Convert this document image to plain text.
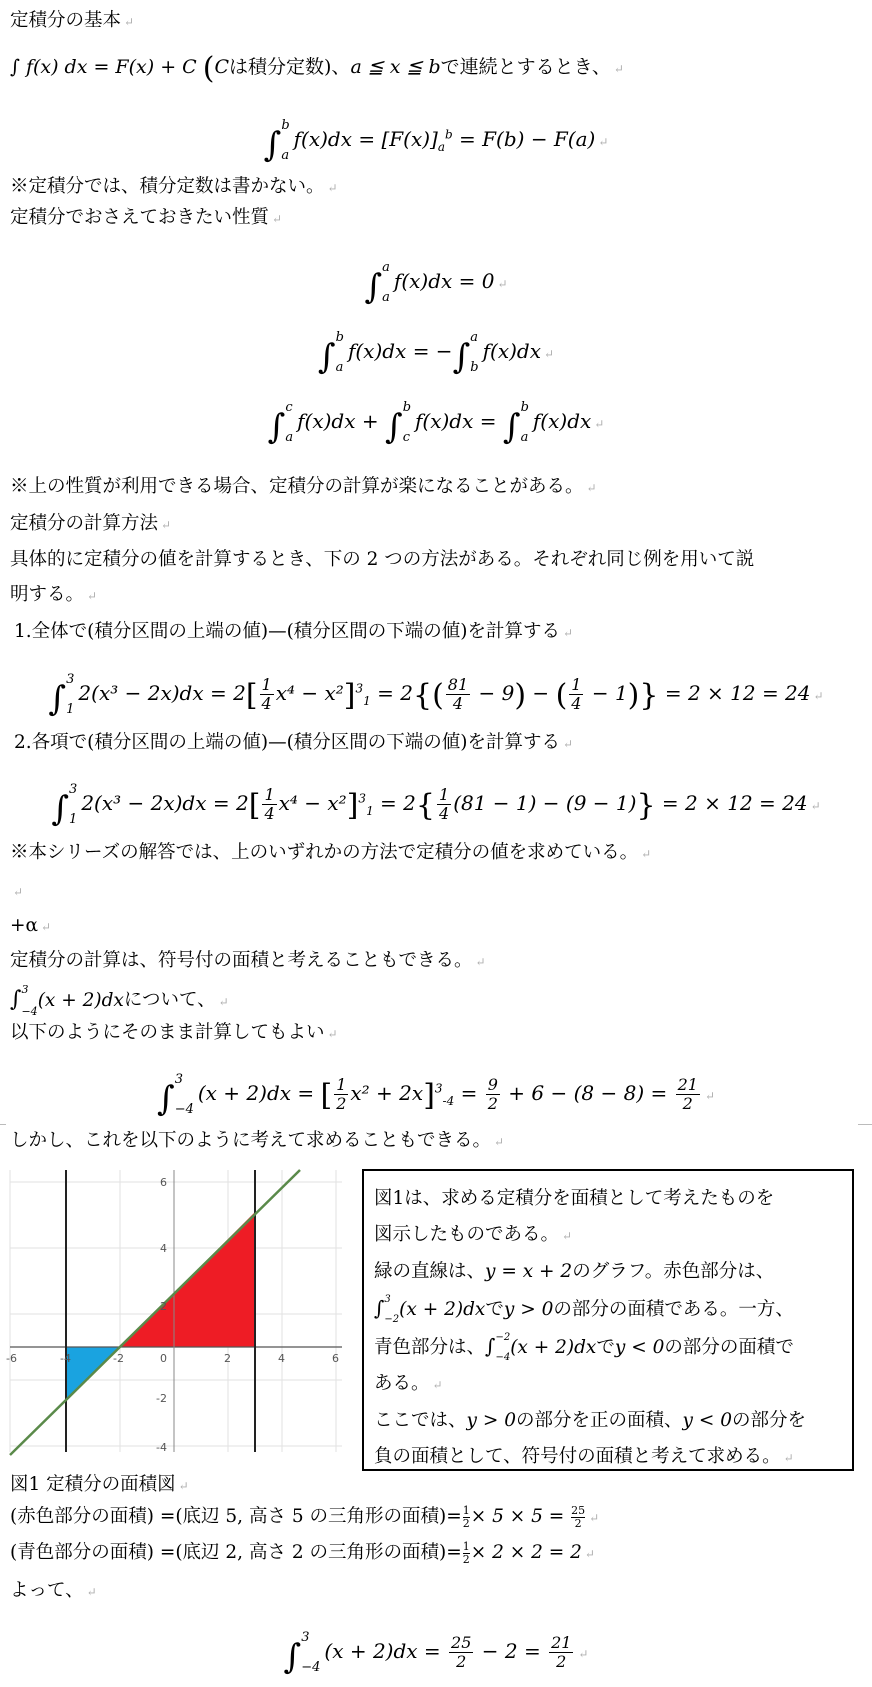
定積分の基本 ↵
∫ f(x) dx = F(x) + C (Cは積分定数)、a ≦ x ≦ bで連続とするとき、 ↵
∫b

$af(x)dx = [F(x)]_a^b = F(b) - F(a)$ ↵
※定積分では、積分定数は書かない。 ↵
定積分でおさえておきたい性質 ↵
∫a

af(x)dx = 0 ↵
∫b

af(x)dx = −∫a

bf(x)dx ↵
∫c

af(x)dx + ∫b

cf(x)dx = ∫b

af(x)dx ↵
※上の性質が利用できる場合、定積分の計算が楽になることがある。 ↵
定積分の計算方法 ↵
具体的に定積分の値を計算するとき、下の 2 つの方法がある。それぞれ同じ例を用いて説
明する。 ↵
1.全体で(積分区間の上端の値)—(積分区間の下端の値)を計算する ↵
∫3

$12(x^3 - 2x)dx = 2[ \frac{1}{4} x^4 - x^2]^3_1 = 2\{( \frac{81}{4} - 9)$ − ( $\frac{1}{4} - 1)\} = 2 \times 12 = 24$ ↵
2.各項で(積分区間の上端の値)—(積分区間の下端の値)を計算する ↵
∫3

$12(x^3 - 2x)dx = 2[ \frac{1}{4} x^4 - x^2]^3_1 = 2\{ \frac{1}{4} (81 - 1) - (9 - 1)\} = 2 \times 12 = 24$ ↵
※本シリーズの解答では、上のいずれかの方法で定積分の値を求めている。 ↵
↵
+α ↵
定積分の計算は、符号付の面積と考えることもできる。 ↵
∫3

−4(x + 2)dxについて、 ↵
以下のようにそのまま計算してもよい ↵
∫3

−4(x + 2)dx = [ $\frac{1}{2} x^2 + 2x]^3_{-4} = \frac{9}{2} + 6 - (8 - 8) = \frac{21}{2}$ ↵
しかし、これを以下のように考えて求めることもできる。 ↵
-6	-4	-2	0	2	4	6
6
4
2
-2
-4

図1は、求める定積分を面積として考えたものを

図示したものである。 ↵

緑の直線は、y = x + 2のグラフ。赤色部分は、

∫3

−2(x + 2)dxでy > 0の部分の面積である。一方、

青色部分は、∫−2

−4(x + 2)dxでy < 0の部分の面積で

ある。 ↵

ここでは、y > 0の部分を正の面積、y < 0の部分を

負の面積として、符号付の面積と考えて求める。 ↵

図1 定積分の面積図 ↵
(赤色部分の面積) =(底辺 5, 高さ 5 の三角形の面積)= $\frac{1}{2} \times 5 \times 5 = \frac{25}{2}$ ↵
(青色部分の面積) =(底辺 2, 高さ 2 の三角形の面積)= $\frac{1}{2} \times 2 \times 2 = 2$ ↵
よって、 ↵
∫3

$-4(x + 2)dx = \frac{25}{2} - 2 = \frac{21}{2}$ ↵
